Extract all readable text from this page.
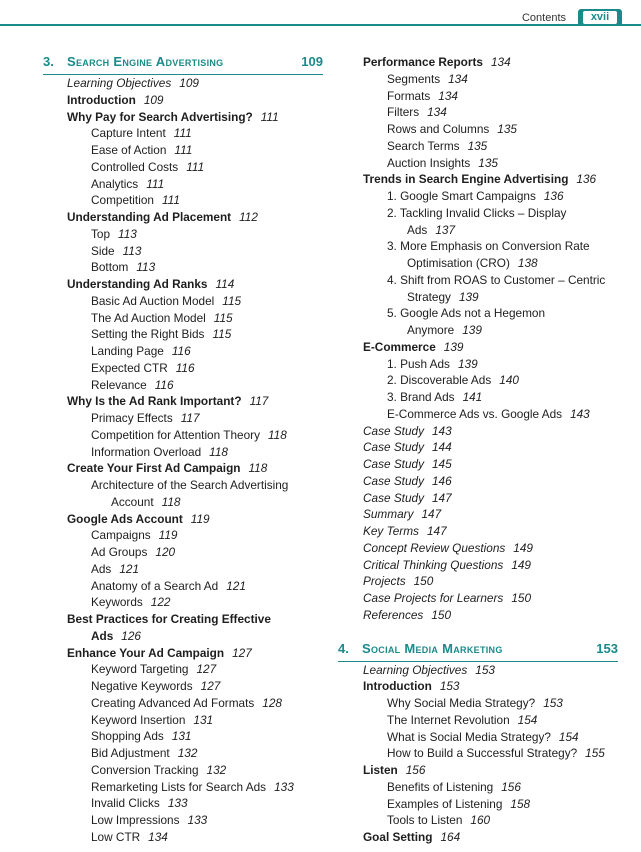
Contents	xvii
3. Search Engine Advertising	109
Learning Objectives 109
Introduction 109
Why Pay for Search Advertising? 111
Capture Intent 111
Ease of Action 111
Controlled Costs 111
Analytics 111
Competition 111
Understanding Ad Placement 112
Top 113
Side 113
Bottom 113
Understanding Ad Ranks 114
Basic Ad Auction Model 115
The Ad Auction Model 115
Setting the Right Bids 115
Landing Page 116
Expected CTR 116
Relevance 116
Why Is the Ad Rank Important? 117
Primacy Effects 117
Competition for Attention Theory 118
Information Overload 118
Create Your First Ad Campaign 118
Architecture of the Search Advertising
Account 118
Google Ads Account 119
Campaigns 119
Ad Groups 120
Ads 121
Anatomy of a Search Ad 121
Keywords 122
Best Practices for Creating Effective
Ads 126
Enhance Your Ad Campaign 127
Keyword Targeting 127
Negative Keywords 127
Creating Advanced Ad Formats 128
Keyword Insertion 131
Shopping Ads 131
Bid Adjustment 132
Conversion Tracking 132
Remarketing Lists for Search Ads 133
Invalid Clicks 133
Low Impressions 133
Low CTR 134
Performance Reports 134
Segments 134
Formats 134
Filters 134
Rows and Columns 135
Search Terms 135
Auction Insights 135
Trends in Search Engine Advertising 136
1. Google Smart Campaigns 136
2. Tackling Invalid Clicks – Display
Ads 137
3. More Emphasis on Conversion Rate
Optimisation (CRO) 138
4. Shift from ROAS to Customer – Centric
Strategy 139
5. Google Ads not a Hegemon
Anymore 139
E-Commerce 139
1. Push Ads 139
2. Discoverable Ads 140
3. Brand Ads 141
E-Commerce Ads vs. Google Ads 143
Case Study 143
Case Study 144
Case Study 145
Case Study 146
Case Study 147
Summary 147
Key Terms 147
Concept Review Questions 149
Critical Thinking Questions 149
Projects 150
Case Projects for Learners 150
References 150
4. Social Media Marketing	153
Learning Objectives 153
Introduction 153
Why Social Media Strategy? 153
The Internet Revolution 154
What is Social Media Strategy? 154
How to Build a Successful Strategy? 155
Listen 156
Benefits of Listening 156
Examples of Listening 158
Tools to Listen 160
Goal Setting 164
